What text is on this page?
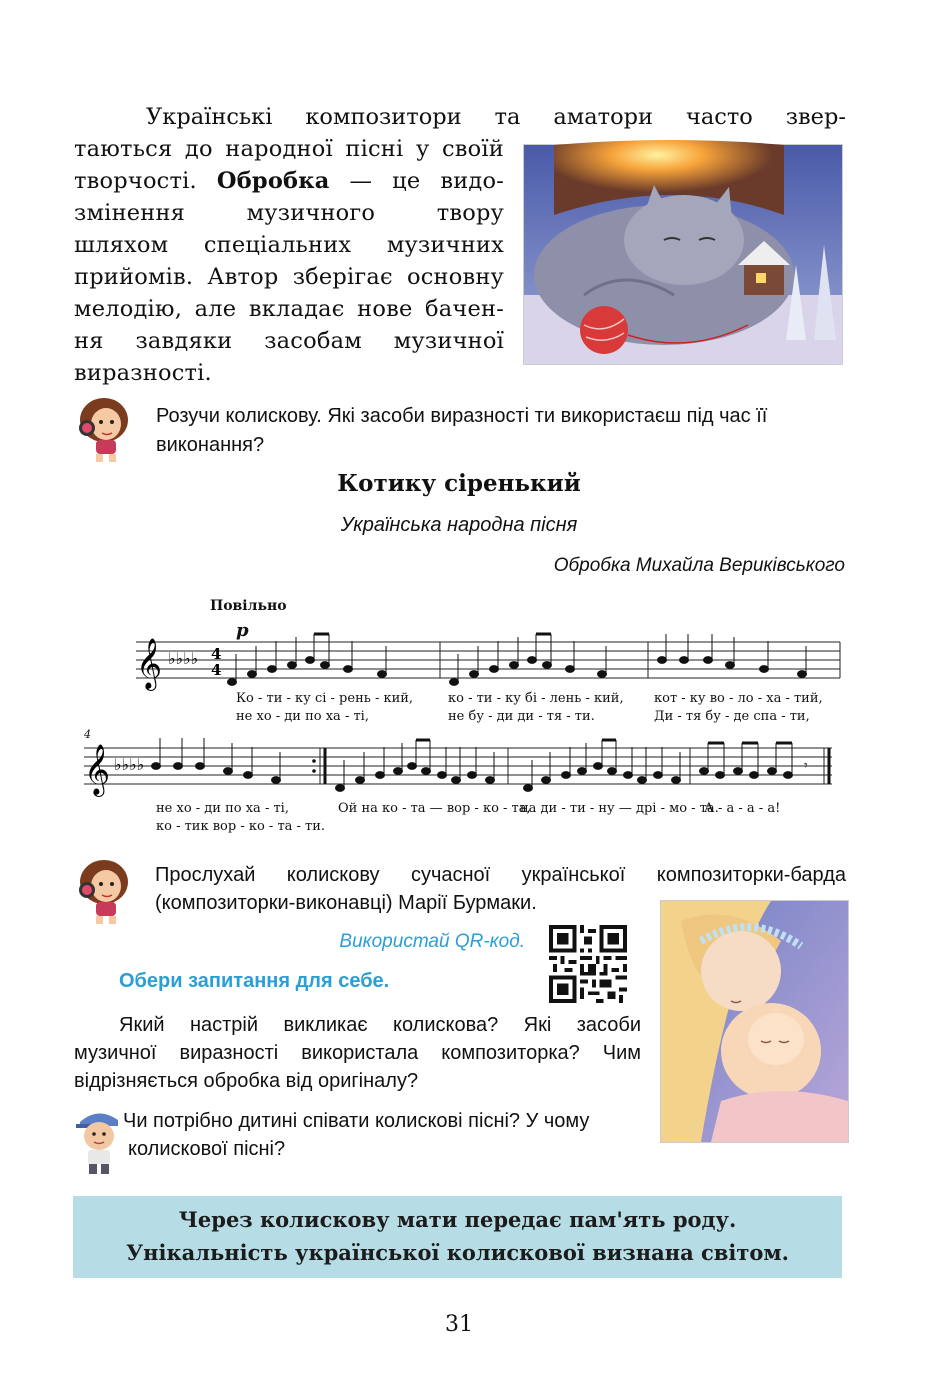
Українські композитори та аматори часто звер-
таються до народної пісні у своїй
творчості. Обробка — це видо-
змінення музичного твору
шляхом спеціальних музичних
прийомів. Автор зберігає основну
мелодію, але вкладає нове бачен-
ня завдяки засобам музичної
виразності.
Розучи колискову. Які засоби виразності ти використаєш під час її
виконання?
Котику сіренький
Українська народна пісня
Обробка Михайла Вериківського
Повільно
p
4
𝄞 ♭♭♭♭ 4
4
Ко - ти - ку сі - рень - кий,	ко - ти - ку бі - лень - кий, кот - ку во - ло - ха - тий,
не хо - ди по ха - ті,	не бу - ди ди - тя - ти.	Ди - тя бу - де спа - ти,
𝄞 ♭♭♭♭	𝄾
не хо - ди по ха - ті,	Ой на ко - та — вор - ко - та,
на ди - ти - ну — дрі - мо - та.
А - а - а - а!
ко - тик вор - ко - та - ти.
Прослухай колискову сучасної української композиторки-барда
(композиторки-виконавці) Марії Бурмаки.
Використай QR-код.
Обери запитання для себе.
Який настрій викликає колискова? Які засоби
музичної виразності використала композиторка? Чим
відрізняється обробка від оригіналу?
Чи потрібно дитині співати колискові пісні? У чому
колискової пісні?
Через колискову мати передає пам'ять роду.
Унікальність української колискової визнана світом.
31
